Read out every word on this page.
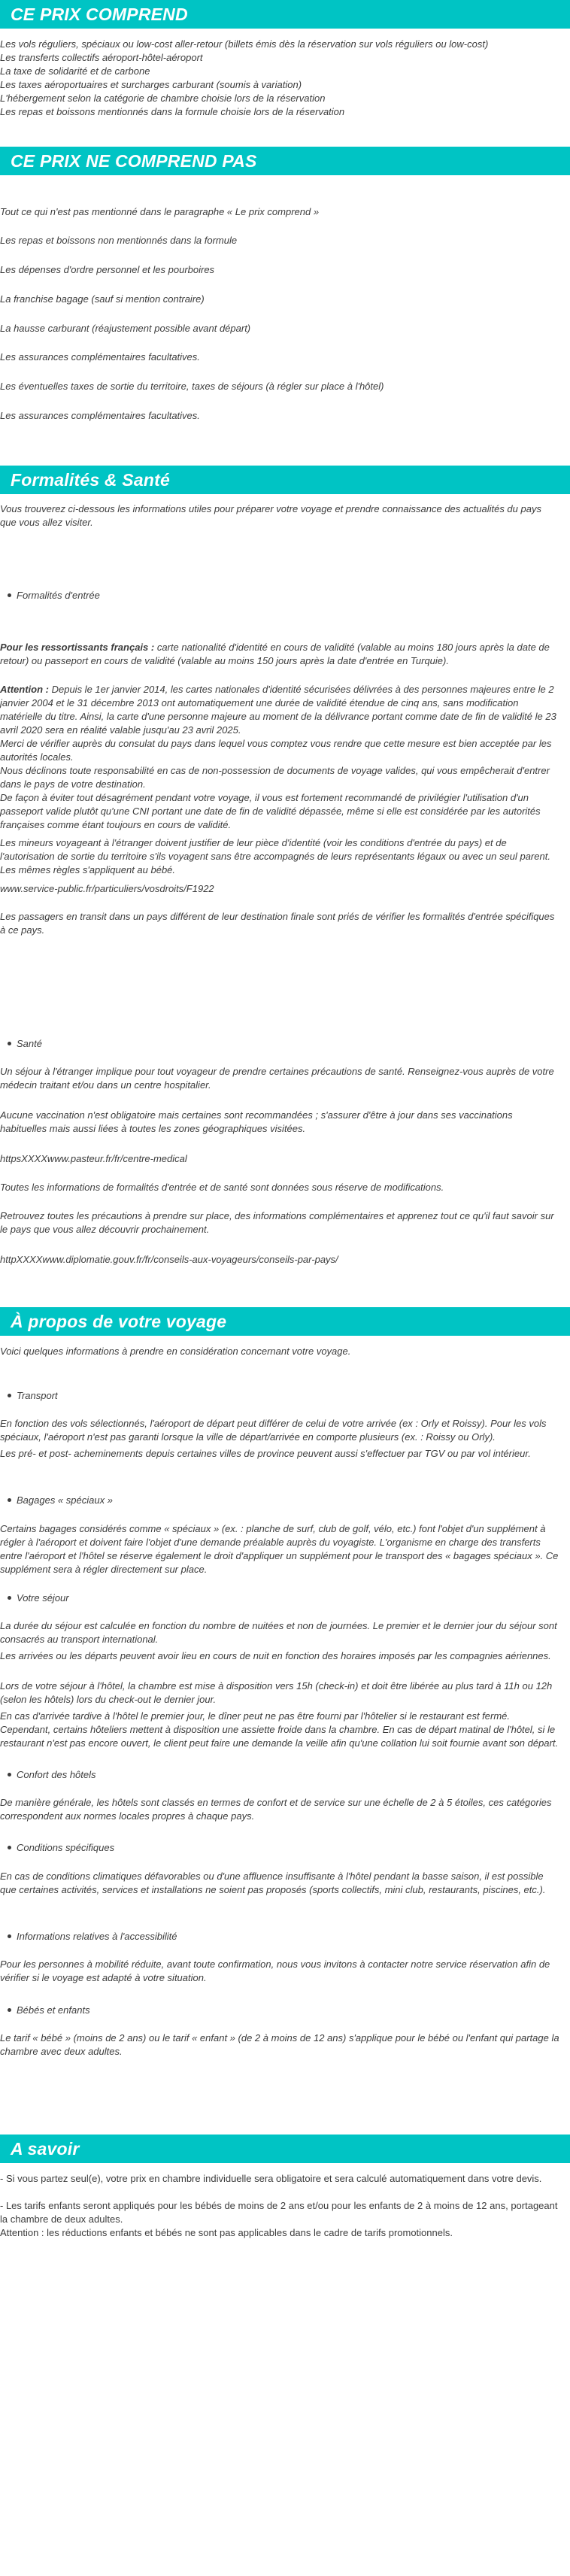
CE PRIX COMPREND
Les vols réguliers, spéciaux ou low-cost aller-retour (billets émis dès la réservation sur vols réguliers ou low-cost)
Les transferts collectifs aéroport-hôtel-aéroport
La taxe de solidarité et de carbone
Les taxes aéroportuaires et surcharges carburant (soumis à variation)
L'hébergement selon la catégorie de chambre choisie lors de la réservation
Les repas et boissons mentionnés dans la formule choisie lors de la réservation
CE PRIX NE COMPREND PAS
Tout ce qui n'est pas mentionné dans le paragraphe « Le prix comprend »
Les repas et boissons non mentionnés dans la formule
Les dépenses d'ordre personnel et les pourboires
La franchise bagage (sauf si mention contraire)
La hausse carburant (réajustement possible avant départ)
Les assurances complémentaires facultatives.
Les éventuelles taxes de sortie du territoire, taxes de séjours (à régler sur place à l'hôtel)
Les assurances complémentaires facultatives.
Formalités & Santé
Vous trouverez ci-dessous les informations utiles pour préparer votre voyage et prendre connaissance des actualités du pays que vous allez visiter.
Formalités d'entrée
Pour les ressortissants français : carte nationalité d'identité en cours de validité (valable au moins 180 jours après la date de retour) ou passeport en cours de validité (valable au moins 150 jours après la date d'entrée en Turquie).
Attention : Depuis le 1er janvier 2014, les cartes nationales d'identité sécurisées délivrées à des personnes majeures entre le 2 janvier 2004 et le 31 décembre 2013 ont automatiquement une durée de validité étendue de cinq ans, sans modification matérielle du titre. Ainsi, la carte d'une personne majeure au moment de la délivrance portant comme date de fin de validité le 23 avril 2020 sera en réalité valable jusqu'au 23 avril 2025.
Merci de vérifier auprès du consulat du pays dans lequel vous comptez vous rendre que cette mesure est bien acceptée par les autorités locales.
Nous déclinons toute responsabilité en cas de non-possession de documents de voyage valides, qui vous empêcherait d'entrer dans le pays de votre destination.
De façon à éviter tout désagrément pendant votre voyage, il vous est fortement recommandé de privilégier l'utilisation d'un passeport valide plutôt qu'une CNI portant une date de fin de validité dépassée, même si elle est considérée par les autorités françaises comme étant toujours en cours de validité.
Les mineurs voyageant à l'étranger doivent justifier de leur pièce d'identité (voir les conditions d'entrée du pays) et de l'autorisation de sortie du territoire s'ils voyagent sans être accompagnés de leurs représentants légaux ou avec un seul parent. Les mêmes règles s'appliquent au bébé.
www.service-public.fr/particuliers/vosdroits/F1922
Les passagers en transit dans un pays différent de leur destination finale sont priés de vérifier les formalités d'entrée spécifiques à ce pays.
Santé
Un séjour à l'étranger implique pour tout voyageur de prendre certaines précautions de santé. Renseignez-vous auprès de votre médecin traitant et/ou dans un centre hospitalier.
Aucune vaccination n'est obligatoire mais certaines sont recommandées ; s'assurer d'être à jour dans ses vaccinations habituelles mais aussi liées à toutes les zones géographiques visitées.
httpsXXXXwww.pasteur.fr/fr/centre-medical
Toutes les informations de formalités d'entrée et de santé sont données sous réserve de modifications.
Retrouvez toutes les précautions à prendre sur place, des informations complémentaires et apprenez tout ce qu'il faut savoir sur le pays que vous allez découvrir prochainement.
httpXXXXwww.diplomatie.gouv.fr/fr/conseils-aux-voyageurs/conseils-par-pays/
À propos de votre voyage
Voici quelques informations à prendre en considération concernant votre voyage.
Transport
En fonction des vols sélectionnés, l'aéroport de départ peut différer de celui de votre arrivée (ex : Orly et Roissy). Pour les vols spéciaux, l'aéroport n'est pas garanti lorsque la ville de départ/arrivée en comporte plusieurs (ex. : Roissy ou Orly).
Les pré- et post- acheminements depuis certaines villes de province peuvent aussi s'effectuer par TGV ou par vol intérieur.
Bagages « spéciaux »
Certains bagages considérés comme « spéciaux » (ex. : planche de surf, club de golf, vélo, etc.) font l'objet d'un supplément à régler à l'aéroport et doivent faire l'objet d'une demande préalable auprès du voyagiste. L'organisme en charge des transferts entre l'aéroport et l'hôtel se réserve également le droit d'appliquer un supplément pour le transport des « bagages spéciaux ». Ce supplément sera à régler directement sur place.
Votre séjour
La durée du séjour est calculée en fonction du nombre de nuitées et non de journées. Le premier et le dernier jour du séjour sont consacrés au transport international.
Les arrivées ou les départs peuvent avoir lieu en cours de nuit en fonction des horaires imposés par les compagnies aériennes.
Lors de votre séjour à l'hôtel, la chambre est mise à disposition vers 15h (check-in) et doit être libérée au plus tard à 11h ou 12h (selon les hôtels) lors du check-out le dernier jour.
En cas d'arrivée tardive à l'hôtel le premier jour, le dîner peut ne pas être fourni par l'hôtelier si le restaurant est fermé. Cependant, certains hôteliers mettent à disposition une assiette froide dans la chambre. En cas de départ matinal de l'hôtel, si le restaurant n'est pas encore ouvert, le client peut faire une demande la veille afin qu'une collation lui soit fournie avant son départ.
Confort des hôtels
De manière générale, les hôtels sont classés en termes de confort et de service sur une échelle de 2 à 5 étoiles, ces catégories correspondent aux normes locales propres à chaque pays.
Conditions spécifiques
En cas de conditions climatiques défavorables ou d'une affluence insuffisante à l'hôtel pendant la basse saison, il est possible que certaines activités, services et installations ne soient pas proposés (sports collectifs, mini club, restaurants, piscines, etc.).
Informations relatives à l'accessibilité
Pour les personnes à mobilité réduite, avant toute confirmation, nous vous invitons à contacter notre service réservation afin de vérifier si le voyage est adapté à votre situation.
Bébés et enfants
Le tarif « bébé » (moins de 2 ans) ou le tarif « enfant » (de 2 à moins de 12 ans) s'applique pour le bébé ou l'enfant qui partage la chambre avec deux adultes.
A savoir
- Si vous partez seul(e), votre prix en chambre individuelle sera obligatoire et sera calculé automatiquement dans votre devis.
- Les tarifs enfants seront appliqués pour les bébés de moins de 2 ans et/ou pour les enfants de 2 à moins de 12 ans, portageant la chambre de deux adultes.
Attention : les réductions enfants et bébés ne sont pas applicables dans le cadre de tarifs promotionnels.
